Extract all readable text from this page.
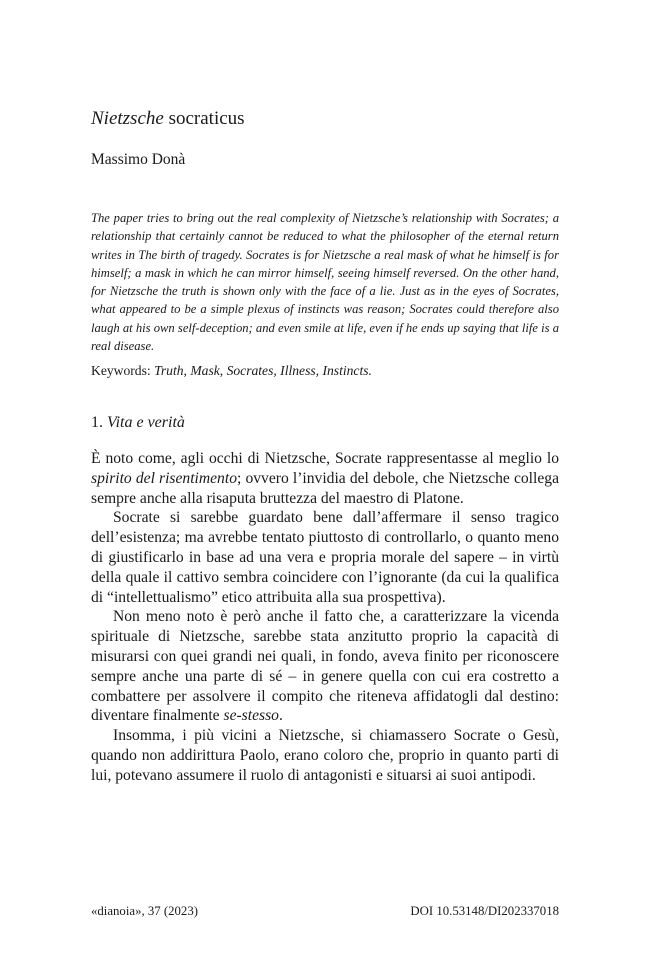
Nietzsche socraticus
Massimo Donà

The paper tries to bring out the real complexity of Nietzsche’s relationship with Socrates; a relationship that certainly cannot be reduced to what the philosopher of the eternal return writes in The birth of tragedy. Socrates is for Nietzsche a real mask of what he himself is for himself; a mask in which he can mirror himself, seeing himself reversed. On the other hand, for Nietzsche the truth is shown only with the face of a lie. Just as in the eyes of Socrates, what appeared to be a simple plexus of instincts was reason; Socrates could therefore also laugh at his own self-deception; and even smile at life, even if he ends up saying that life is a real disease.

Keywords: Truth, Mask, Socrates, Illness, Instincts.
1. Vita e verità

È noto come, agli occhi di Nietzsche, Socrate rappresentasse al meglio lo spirito del risentimento; ovvero l’invidia del debole, che Nietzsche collega sempre anche alla risaputa bruttezza del maestro di Platone.

Socrate si sarebbe guardato bene dall’affermare il senso tragico dell’esistenza; ma avrebbe tentato piuttosto di controllarlo, o quanto meno di giustificarlo in base ad una vera e propria morale del sapere – in virtù della quale il cattivo sembra coincidere con l’ignorante (da cui la qualifica di “intellettualismo” etico attribuita alla sua prospettiva).

Non meno noto è però anche il fatto che, a caratterizzare la vicenda spirituale di Nietzsche, sarebbe stata anzitutto proprio la capacità di misurarsi con quei grandi nei quali, in fondo, aveva finito per riconoscere sempre anche una parte di sé – in genere quella con cui era costretto a combattere per assolvere il compito che riteneva affidatogli dal destino: diventare finalmente se-stesso.

Insomma, i più vicini a Nietzsche, si chiamassero Socrate o Gesù, quando non addirittura Paolo, erano coloro che, proprio in quanto parti di lui, potevano assumere il ruolo di antagonisti e situarsi ai suoi antipodi.

«dianoia», 37 (2023)	DOI 10.53148/DI202337018
